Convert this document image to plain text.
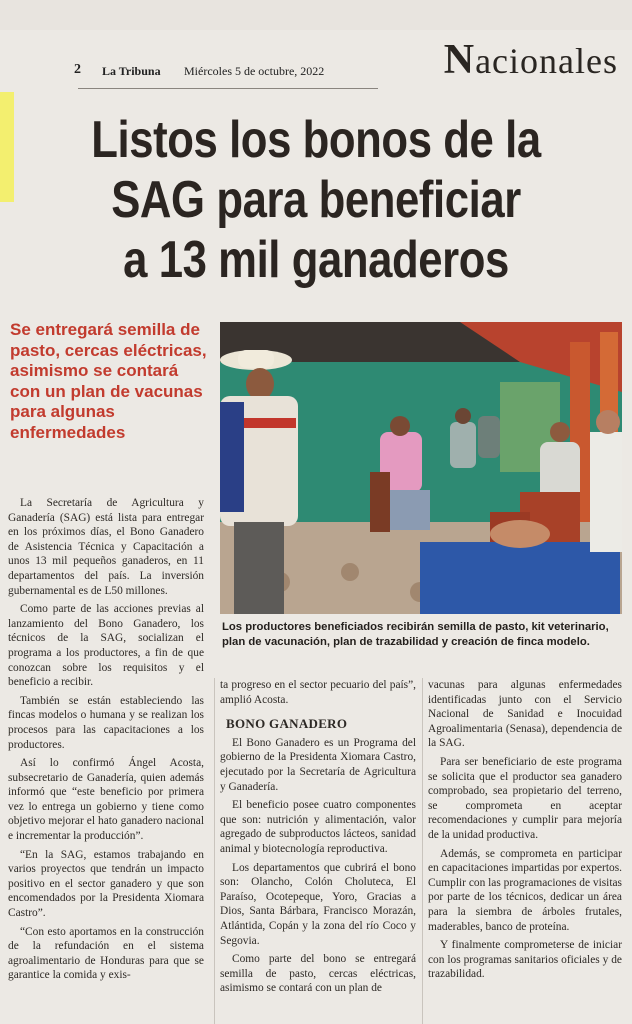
2 La Tribuna Miércoles 5 de octubre, 2022	Nacionales
Listos los bonos de la
SAG para beneficiar
a 13 mil ganaderos
Se entregará semilla de pasto, cercas eléctricas, asimismo se contará con un plan de vacunas para algunas enfermedades
Los productores beneficiados recibirán semilla de pasto, kit veterinario, plan de vacunación, plan de trazabilidad y creación de finca modelo.

La Secretaría de Agricultura y Ganadería (SAG) está lista para entregar en los próximos días, el Bono Ganadero de Asistencia Técnica y Capacitación a unos 13 mil pequeños ganaderos, en 11 departamentos del país. La inversión gubernamental es de L50 millones.

Como parte de las acciones previas al lanzamiento del Bono Ganadero, los técnicos de la SAG, socializan el programa a los productores, a fin de que conozcan sobre los requisitos y el beneficio a recibir.

También se están estableciendo las fincas modelos o humana y se realizan los procesos para las capacitaciones a los productores.

Así lo confirmó Ángel Acosta, subsecretario de Ganadería, quien además informó que “este beneficio por primera vez lo entrega un gobierno y tiene como objetivo mejorar el hato ganadero nacional e incrementar la producción”.

“En la SAG, estamos trabajando en varios proyectos que tendrán un impacto positivo en el sector ganadero y que son encomendados por la Presidenta Xiomara Castro”.

“Con esto aportamos en la construcción de la refundación en el sistema agroalimentario de Honduras para que se garantice la comida y exis-

ta progreso en el sector pecuario del país”, amplió Acosta.

BONO GANADERO

El Bono Ganadero es un Programa del gobierno de la Presidenta Xiomara Castro, ejecutado por la Secretaría de Agricultura y Ganadería.

El beneficio posee cuatro componentes que son: nutrición y alimentación, valor agregado de subproductos lácteos, sanidad animal y biotecnología reproductiva.

Los departamentos que cubrirá el bono son: Olancho, Colón Choluteca, El Paraíso, Ocotepeque, Yoro, Gracias a Dios, Santa Bárbara, Francisco Morazán, Atlántida, Copán y la zona del río Coco y Segovia.

Como parte del bono se entregará semilla de pasto, cercas eléctricas, asimismo se contará con un plan de

vacunas para algunas enfermedades identificadas junto con el Servicio Nacional de Sanidad e Inocuidad Agroalimentaria (Senasa), dependencia de la SAG.

Para ser beneficiario de este programa se solicita que el productor sea ganadero comprobado, sea propietario del terreno, se comprometa en aceptar recomendaciones y cumplir para mejoría de la unidad productiva.

Además, se comprometa en participar en capacitaciones impartidas por expertos. Cumplir con las programaciones de visitas por parte de los técnicos, dedicar un área para la siembra de árboles frutales, maderables, banco de proteína.

Y finalmente comprometerse de iniciar con los programas sanitarios oficiales y de trazabilidad.
